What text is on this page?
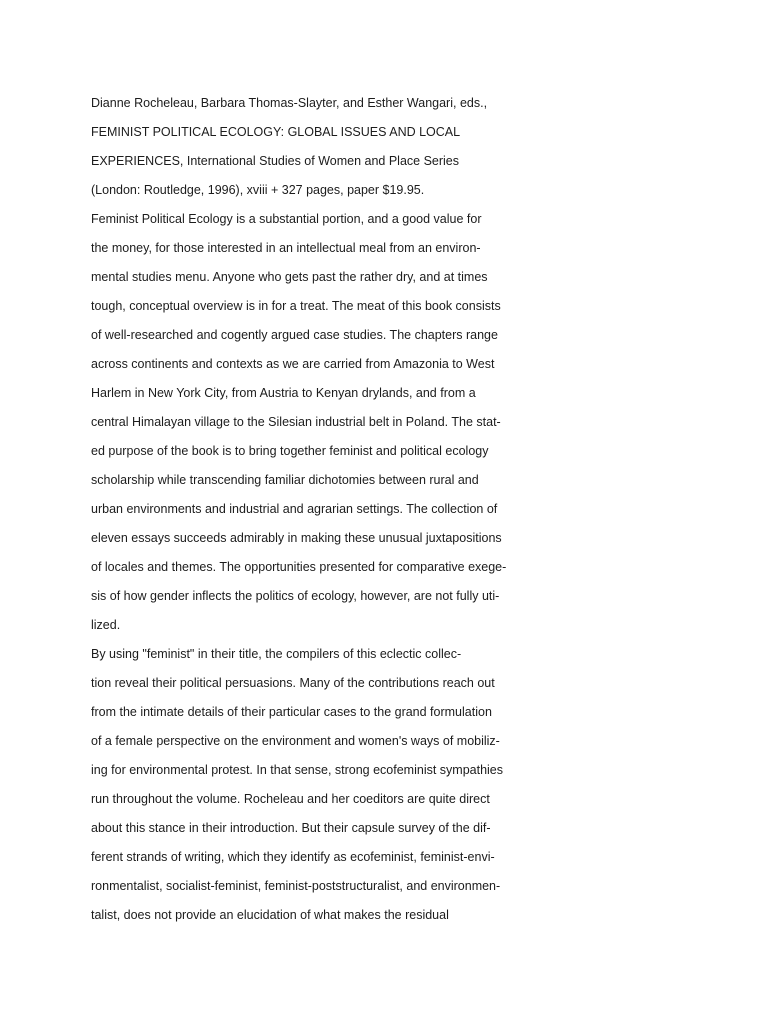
Dianne Rocheleau, Barbara Thomas-Slayter, and Esther Wangari, eds.,
FEMINIST POLITICAL ECOLOGY: GLOBAL ISSUES AND LOCAL
EXPERIENCES, International Studies of Women and Place Series
(London: Routledge, 1996), xviii + 327 pages, paper $19.95.
Feminist Political Ecology is a substantial portion, and a good value for
the money, for those interested in an intellectual meal from an environ-
mental studies menu. Anyone who gets past the rather dry, and at times
tough, conceptual overview is in for a treat. The meat of this book consists
of well-researched and cogently argued case studies. The chapters range
across continents and contexts as we are carried from Amazonia to West
Harlem in New York City, from Austria to Kenyan drylands, and from a
central Himalayan village to the Silesian industrial belt in Poland. The stat-
ed purpose of the book is to bring together feminist and political ecology
scholarship while transcending familiar dichotomies between rural and
urban environments and industrial and agrarian settings. The collection of
eleven essays succeeds admirably in making these unusual juxtapositions
of locales and themes. The opportunities presented for comparative exege-
sis of how gender inflects the politics of ecology, however, are not fully uti-
lized.
By using "feminist" in their title, the compilers of this eclectic collec-
tion reveal their political persuasions. Many of the contributions reach out
from the intimate details of their particular cases to the grand formulation
of a female perspective on the environment and women's ways of mobiliz-
ing for environmental protest. In that sense, strong ecofeminist sympathies
run throughout the volume. Rocheleau and her coeditors are quite direct
about this stance in their introduction. But their capsule survey of the dif-
ferent strands of writing, which they identify as ecofeminist, feminist-envi-
ronmentalist, socialist-feminist, feminist-poststructuralist, and environmen-
talist, does not provide an elucidation of what makes the residual
